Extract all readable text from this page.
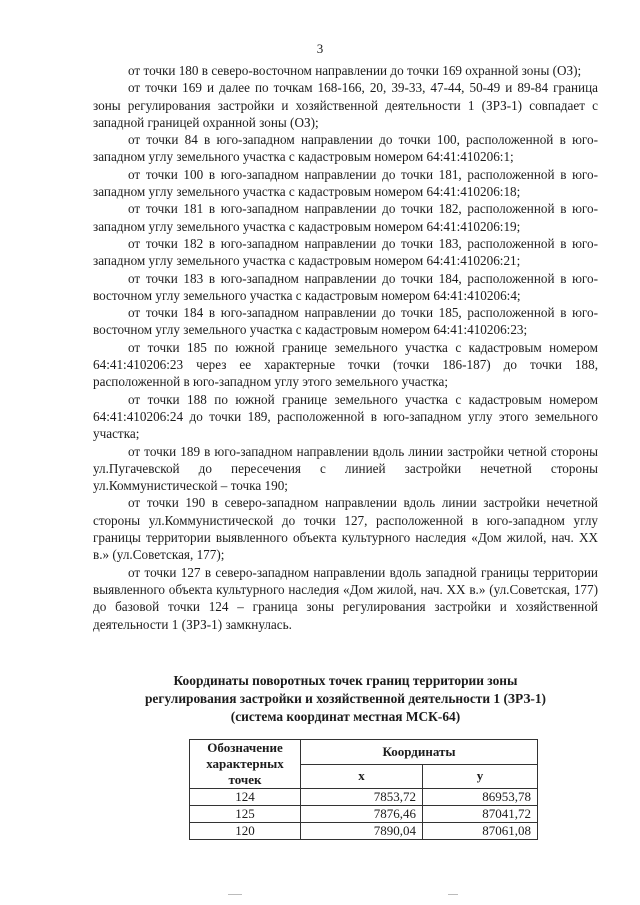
3

от точки 180 в северо-восточном направлении до точки 169 охранной зоны (ОЗ);

от точки 169 и далее по точкам 168-166, 20, 39-33, 47-44, 50-49 и 89-84 граница зоны регулирования застройки и хозяйственной деятельности 1 (ЗРЗ-1) совпадает с западной границей охранной зоны (ОЗ);

от точки 84 в юго-западном направлении до точки 100, расположенной в юго-западном углу земельного участка с кадастровым номером 64:41:410206:1;

от точки 100 в юго-западном направлении до точки 181, расположенной в юго-западном углу земельного участка с кадастровым номером 64:41:410206:18;

от точки 181 в юго-западном направлении до точки 182, расположенной в юго-западном углу земельного участка с кадастровым номером 64:41:410206:19;

от точки 182 в юго-западном направлении до точки 183, расположенной в юго-западном углу земельного участка с кадастровым номером 64:41:410206:21;

от точки 183 в юго-западном направлении до точки 184, расположенной в юго-восточном углу земельного участка с кадастровым номером 64:41:410206:4;

от точки 184 в юго-западном направлении до точки 185, расположенной в юго-восточном углу земельного участка с кадастровым номером 64:41:410206:23;

от точки 185 по южной границе земельного участка с кадастровым номером 64:41:410206:23 через ее характерные точки (точки 186-187) до точки 188, расположенной в юго-западном углу этого земельного участка;

от точки 188 по южной границе земельного участка с кадастровым номером 64:41:410206:24 до точки 189, расположенной в юго-западном углу этого земельного участка;

от точки 189 в юго-западном направлении вдоль линии застройки четной стороны ул.Пугачевской до пересечения с линией застройки нечетной стороны ул.Коммунистической – точка 190;

от точки 190 в северо-западном направлении вдоль линии застройки нечетной стороны ул.Коммунистической до точки 127, расположенной в юго-западном углу границы территории выявленного объекта культурного наследия «Дом жилой, нач. XX в.» (ул.Советская, 177);

от точки 127 в северо-западном направлении вдоль западной границы территории выявленного объекта культурного наследия «Дом жилой, нач. XX в.» (ул.Советская, 177) до базовой точки 124 – граница зоны регулирования застройки и хозяйственной деятельности 1 (ЗРЗ-1) замкнулась.

Координаты поворотных точек границ территории зоны
регулирования застройки и хозяйственной деятельности 1 (ЗРЗ-1)
(система координат местная МСК-64)
Обозначение характерных точек	Координаты	
	х	у
124	7853,72	86953,78
125	7876,46	87041,72
120	7890,04	87061,08
